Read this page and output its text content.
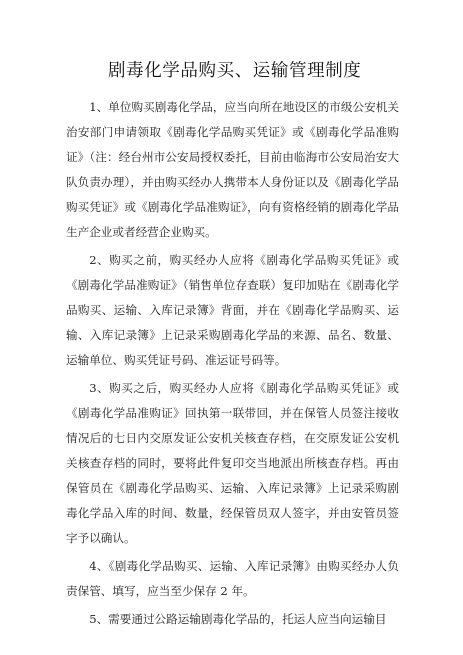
剧毒化学品购买、运输管理制度

1、单位购买剧毒化学品，应当向所在地设区的市级公安机关治安部门申请领取《剧毒化学品购买凭证》或《剧毒化学品准购证》（注：经台州市公安局授权委托，目前由临海市公安局治安大队负责办理），并由购买经办人携带本人身份证以及《剧毒化学品购买凭证》或《剧毒化学品准购证》，向有资格经销的剧毒化学品生产企业或者经营企业购买。

2、购买之前，购买经办人应将《剧毒化学品购买凭证》或《剧毒化学品准购证》（销售单位存查联）复印加贴在《剧毒化学品购买、运输、入库记录簿》背面，并在《剧毒化学品购买、运输、入库记录簿》上记录采购剧毒化学品的来源、品名、数量、运输单位、购买凭证号码、准运证号码等。

3、购买之后，购买经办人应将《剧毒化学品购买凭证》或《剧毒化学品准购证》回执第一联带回，并在保管人员签注接收情况后的七日内交原发证公安机关核查存档，在交原发证公安机关核查存档的同时，要将此件复印交当地派出所核查存档。再由保管员在《剧毒化学品购买、运输、入库记录簿》上记录采购剧毒化学品入库的时间、数量，经保管员双人签字，并由安管员签字予以确认。

4、《剧毒化学品购买、运输、入库记录簿》由购买经办人负责保管、填写，应当至少保存 2 年。

5、需要通过公路运输剧毒化学品的，托运人应当向运输目
